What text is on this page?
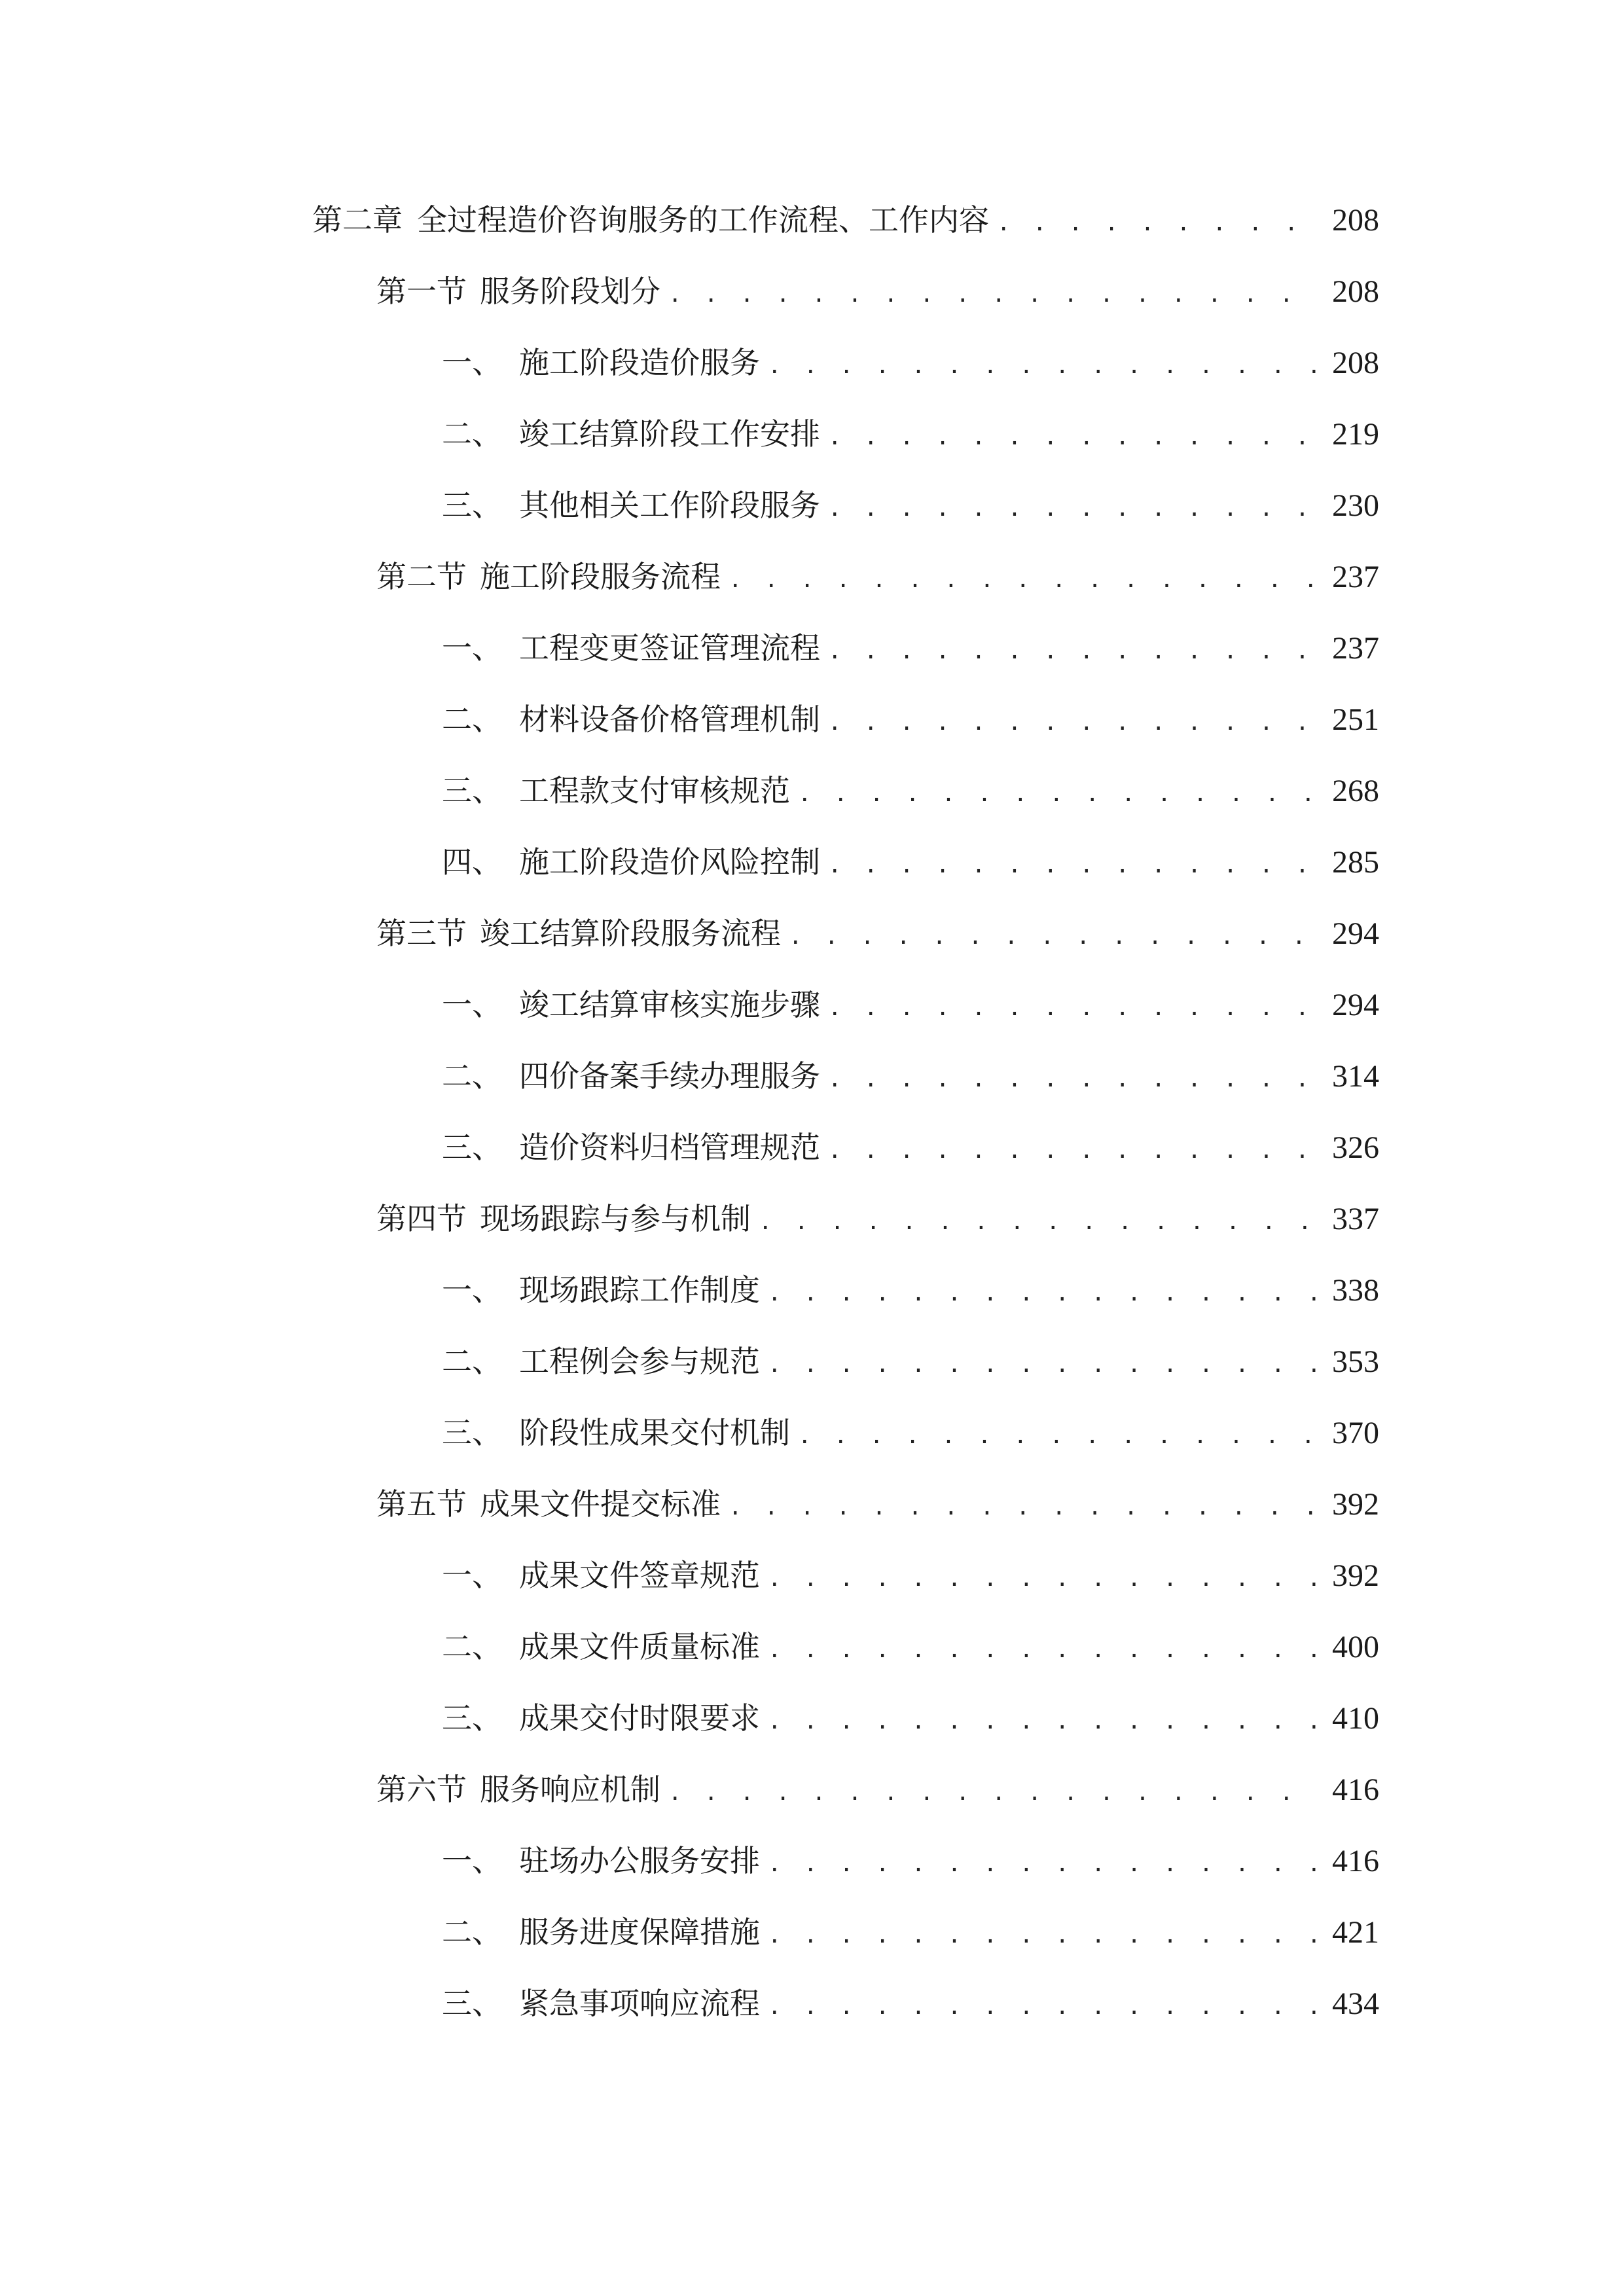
第二章 全过程造价咨询服务的工作流程、工作内容 . . .	208
第一节 服务阶段划分 . . .	208
一、 施工阶段造价服务 . . .	208
二、 竣工结算阶段工作安排 . . .	219
三、 其他相关工作阶段服务 . . .	230
第二节 施工阶段服务流程 . . .	237
一、 工程变更签证管理流程 . . .	237
二、 材料设备价格管理机制 . . .	251
三、 工程款支付审核规范 . . .	268
四、 施工阶段造价风险控制 . . .	285
第三节 竣工结算阶段服务流程 . . .	294
一、 竣工结算审核实施步骤 . . .	294
二、 四价备案手续办理服务 . . .	314
三、 造价资料归档管理规范 . . .	326
第四节 现场跟踪与参与机制 . . .	337
一、 现场跟踪工作制度 . . .	338
二、 工程例会参与规范 . . .	353
三、 阶段性成果交付机制 . . .	370
第五节 成果文件提交标准 . . .	392
一、 成果文件签章规范 . . .	392
二、 成果文件质量标准 . . .	400
三、 成果交付时限要求 . . .	410
第六节 服务响应机制 . . .	416
一、 驻场办公服务安排 . . .	416
二、 服务进度保障措施 . . .	421
三、 紧急事项响应流程 . . .	434
